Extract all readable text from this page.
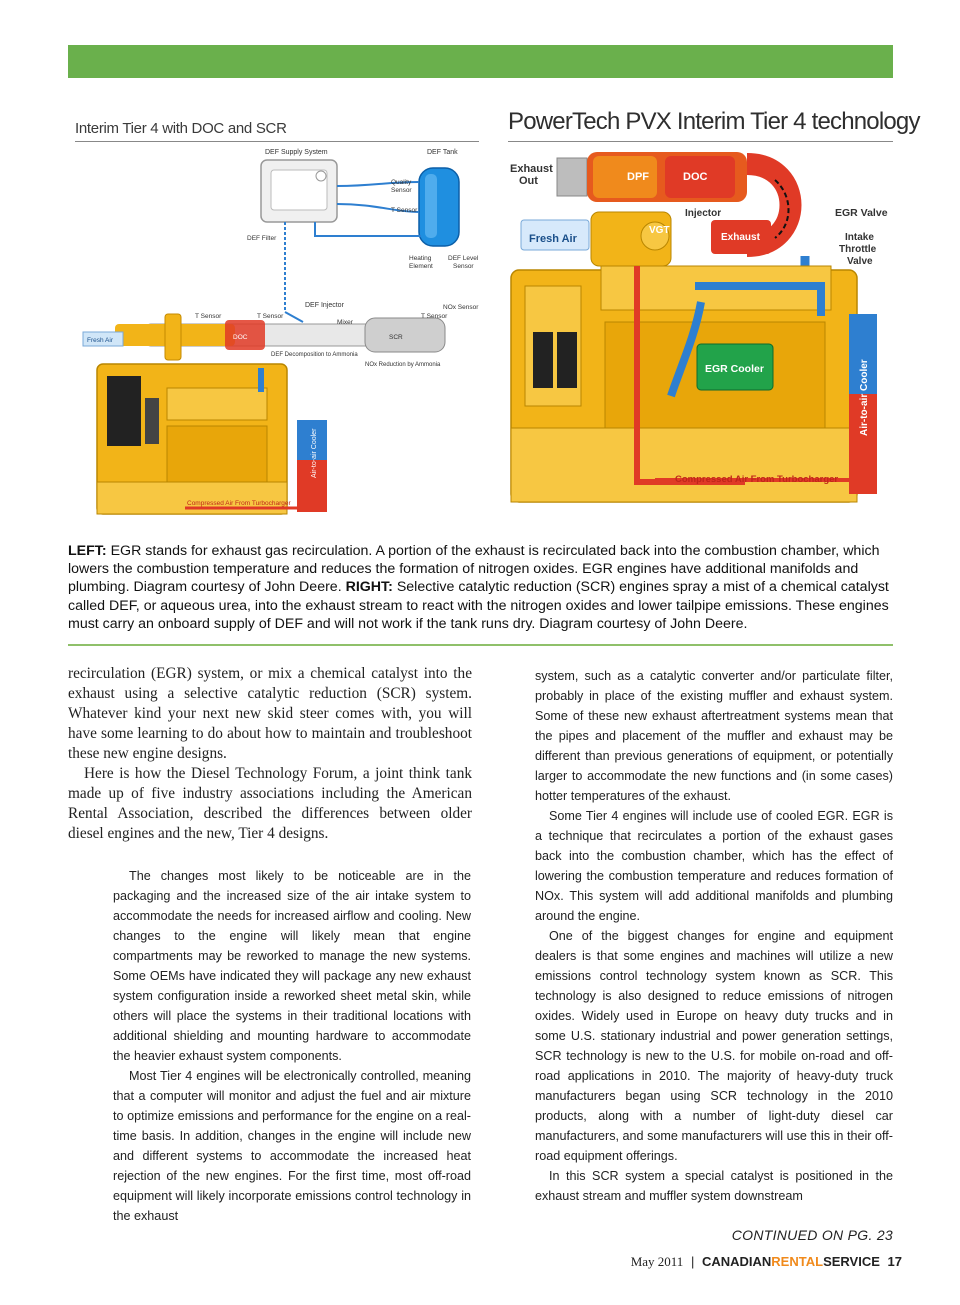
Interim Tier 4 with DOC and SCR
DEF Supply System	DEF Tank
Quality
Sensor
T Sensor
DEF Filter
Heating
Element
DEF Level
Sensor
DEF Injector	NOx Sensor
T Sensor	T Sensor	T Sensor
Mixer
Fresh Air	DOC	SCR
DEF Decomposition to Ammonia
NOx Reduction by Ammonia
Air-to-air Cooler
Compressed Air From Turbocharger
PowerTech PVX Interim Tier 4 technology
Exhaust
Out	DPF	DOC
Injector
VGT
Fresh Air	Exhaust
EGR Valve
Intake
Throttle
Valve
EGR Cooler	Air-to-air Cooler
Compressed Air From Turbocharger
LEFT: EGR stands for exhaust gas recirculation. A portion of the exhaust is recirculated back into the combustion chamber, which lowers the combustion temperature and reduces the formation of nitrogen oxides. EGR engines have additional manifolds and plumbing. Diagram courtesy of John Deere. RIGHT: Selective catalytic reduction (SCR) engines spray a mist of a chemical catalyst called DEF, or aqueous urea, into the exhaust stream to react with the nitrogen oxides and lower tailpipe emissions. These engines must carry an onboard supply of DEF and will not work if the tank runs dry. Diagram courtesy of John Deere.

recirculation (EGR) system, or mix a chemical catalyst into the exhaust using a selective catalytic reduction (SCR) system. Whatever kind your next new skid steer comes with, you will have some learning to do about how to maintain and troubleshoot these new engine designs.

Here is how the Diesel Technology Forum, a joint think tank made up of five industry associations including the American Rental Association, described the differences between older diesel engines and the new, Tier 4 designs.

The changes most likely to be noticeable are in the packaging and the increased size of the air intake system to accommodate the needs for increased airflow and cooling. New changes to the engine will likely mean that engine compartments may be reworked to manage the new systems. Some OEMs have indicated they will package any new exhaust system configuration inside a reworked sheet metal skin, while others will place the systems in their traditional locations with additional shielding and mounting hardware to accommodate the heavier exhaust system components.

Most Tier 4 engines will be electronically controlled, meaning that a computer will monitor and adjust the fuel and air mixture to optimize emissions and performance for the engine on a real-time basis. In addition, changes in the engine will include new and different systems to accommodate the increased heat rejection of the new engines. For the first time, most off-road equipment will likely incorporate emissions control technology in the exhaust

system, such as a catalytic converter and/or particulate filter, probably in place of the existing muffler and exhaust system. Some of these new exhaust aftertreatment systems mean that the pipes and placement of the muffler and exhaust may be different than previous generations of equipment, or potentially larger to accommodate the new functions and (in some cases) hotter temperatures of the exhaust.

Some Tier 4 engines will include use of cooled EGR. EGR is a technique that recirculates a portion of the exhaust gases back into the combustion chamber, which has the effect of lowering the combustion temperature and reduces formation of NOx. This system will add additional manifolds and plumbing around the engine.

One of the biggest changes for engine and equipment dealers is that some engines and machines will utilize a new emissions control technology system known as SCR. This technology is also designed to reduce emissions of nitrogen oxides. Widely used in Europe on heavy duty trucks and in some U.S. stationary industrial and power generation settings, SCR technology is new to the U.S. for mobile on-road and off-road applications in 2010. The majority of heavy-duty truck manufacturers began using SCR technology in the 2010 products, along with a number of light-duty diesel car manufacturers, and some manufacturers will use this in their off-road equipment offerings.

In this SCR system a special catalyst is positioned in the exhaust stream and muffler system downstream

CONTINUED ON PG. 23
May 2011 | CANADIANRENTALSERVICE 17
